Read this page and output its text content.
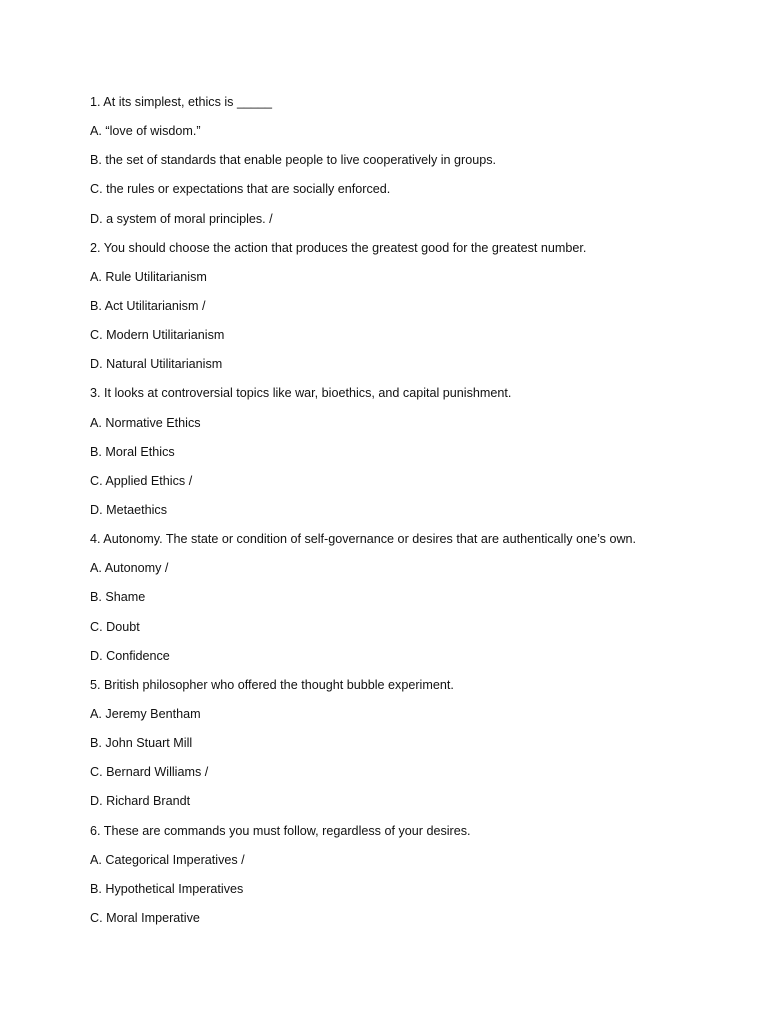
1. At its simplest, ethics is _____
A. “love of wisdom.”
B. the set of standards that enable people to live cooperatively in groups.
C. the rules or expectations that are socially enforced.
D. a system of moral principles. /
2. You should choose the action that produces the greatest good for the greatest number.
A. Rule Utilitarianism
B. Act Utilitarianism /
C. Modern Utilitarianism
D. Natural Utilitarianism
3. It looks at controversial topics like war, bioethics, and capital punishment.
A. Normative Ethics
B. Moral Ethics
C. Applied Ethics /
D. Metaethics
4. Autonomy. The state or condition of self-governance or desires that are authentically one’s own.
A. Autonomy /
B. Shame
C. Doubt
D. Confidence
5. British philosopher who offered the thought bubble experiment.
A. Jeremy Bentham
B. John Stuart Mill
C. Bernard Williams /
D. Richard Brandt
6. These are commands you must follow, regardless of your desires.
A. Categorical Imperatives /
B. Hypothetical Imperatives
C. Moral Imperative
